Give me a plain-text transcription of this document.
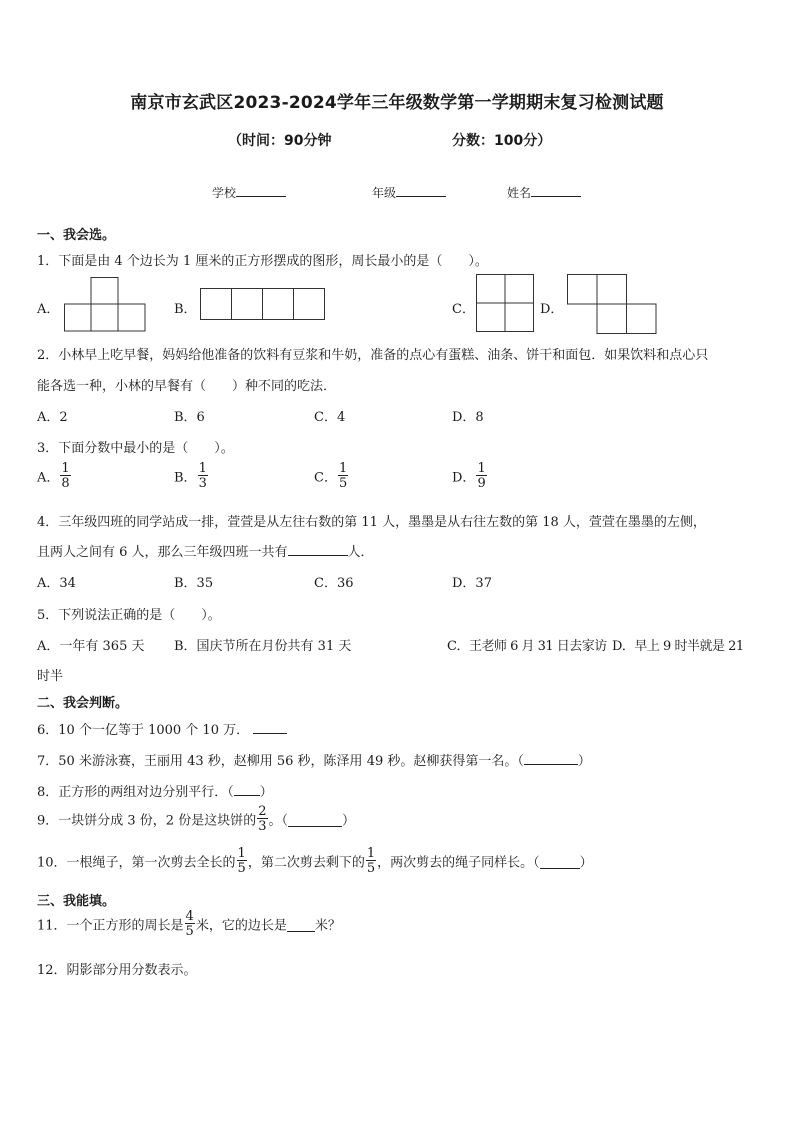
南京市玄武区2023-2024学年三年级数学第一学期期末复习检测试题
（时间：90分钟	分数：100分）
学校	年级	姓名
一、我会选。
1．下面是由 4 个边长为 1 厘米的正方形摆成的图形，周长最小的是（　　）。
A．	B．	C．	D．
2．小林早上吃早餐，妈妈给他准备的饮料有豆浆和牛奶，准备的点心有蛋糕、油条、饼干和面包．如果饮料和点心只
能各选一种，小林的早餐有（　　）种不同的吃法．
A．2	B．6	C．4	D．8
3．下面分数中最小的是（　　）。
A． $\frac{1}{8}$	B． $\frac{1}{3}$	C． $\frac{1}{5}$	D． $\frac{1}{9}$
4．三年级四班的同学站成一排，萱萱是从左往右数的第 11 人，墨墨是从右往左数的第 18 人，萱萱在墨墨的左侧，
且两人之间有 6 人，那么三年级四班一共有	人．
A．34	B．35	C．36	D．37
5．下列说法正确的是（　　）。
A．一年有 365 天 B．国庆节所在月份共有 31 天	C．王老师 6 月 31 日去家访 D．早上 9 时半就是 21
时半
二、我会判断。
6．10 个一亿等于 1000 个 10 万．
7．50 米游泳赛，王丽用 43 秒，赵柳用 56 秒，陈泽用 49 秒。赵柳获得第一名。（	）
8．正方形的两组对边分别平行．（ ）
9．一块饼分成 3 份，2 份是这块饼的 $\frac{2}{3}$ 。（	）
10．一根绳子，第一次剪去全长的 $\frac{1}{5}$ ，第二次剪去剩下的 $\frac{1}{5}$ ，两次剪去的绳子同样长。（	）
三、我能填。
11．一个正方形的周长是 $\frac{4}{5}$ 米，它的边长是 米？
12．阴影部分用分数表示。
